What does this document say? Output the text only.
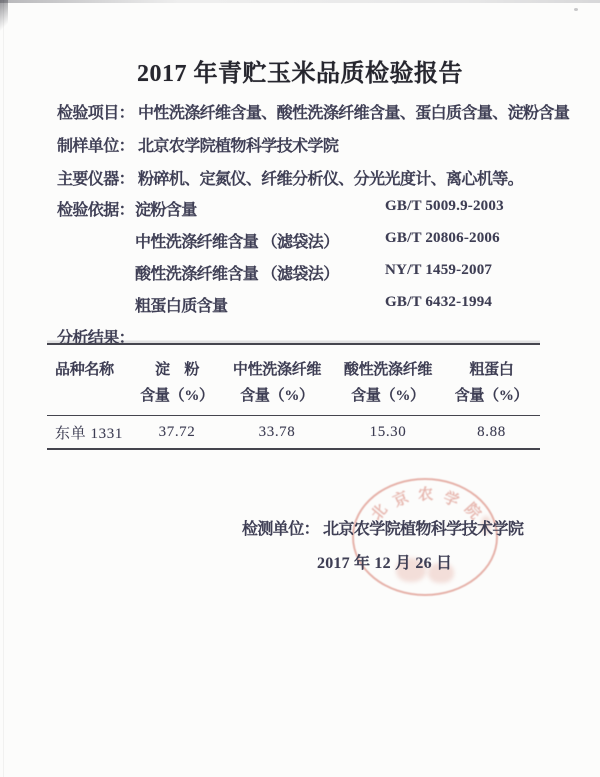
2017 年青贮玉米品质检验报告
检验项目： 中性洗涤纤维含量、酸性洗涤纤维含量、蛋白质含量、淀粉含量
制样单位： 北京农学院植物科学技术学院
主要仪器： 粉碎机、定氮仪、纤维分析仪、分光光度计、离心机等。
检验依据： 淀粉含量	GB/T 5009.9-2003
中性洗涤纤维含量 （滤袋法）	GB/T 20806-2006
酸性洗涤纤维含量 （滤袋法）	NY/T 1459-2007
粗蛋白质含量	GB/T 6432-1994
分析结果：
品种名称	淀　粉	中性洗涤纤维	酸性洗涤纤维	粗蛋白
含量（%）	含量（%）	含量（%）	含量（%）
东单 1331	37.72	33.78	15.30	8.88
北
京 农 学
院
检测单位： 北京农学院植物科学技术学院
2017 年 12 月 26 日
